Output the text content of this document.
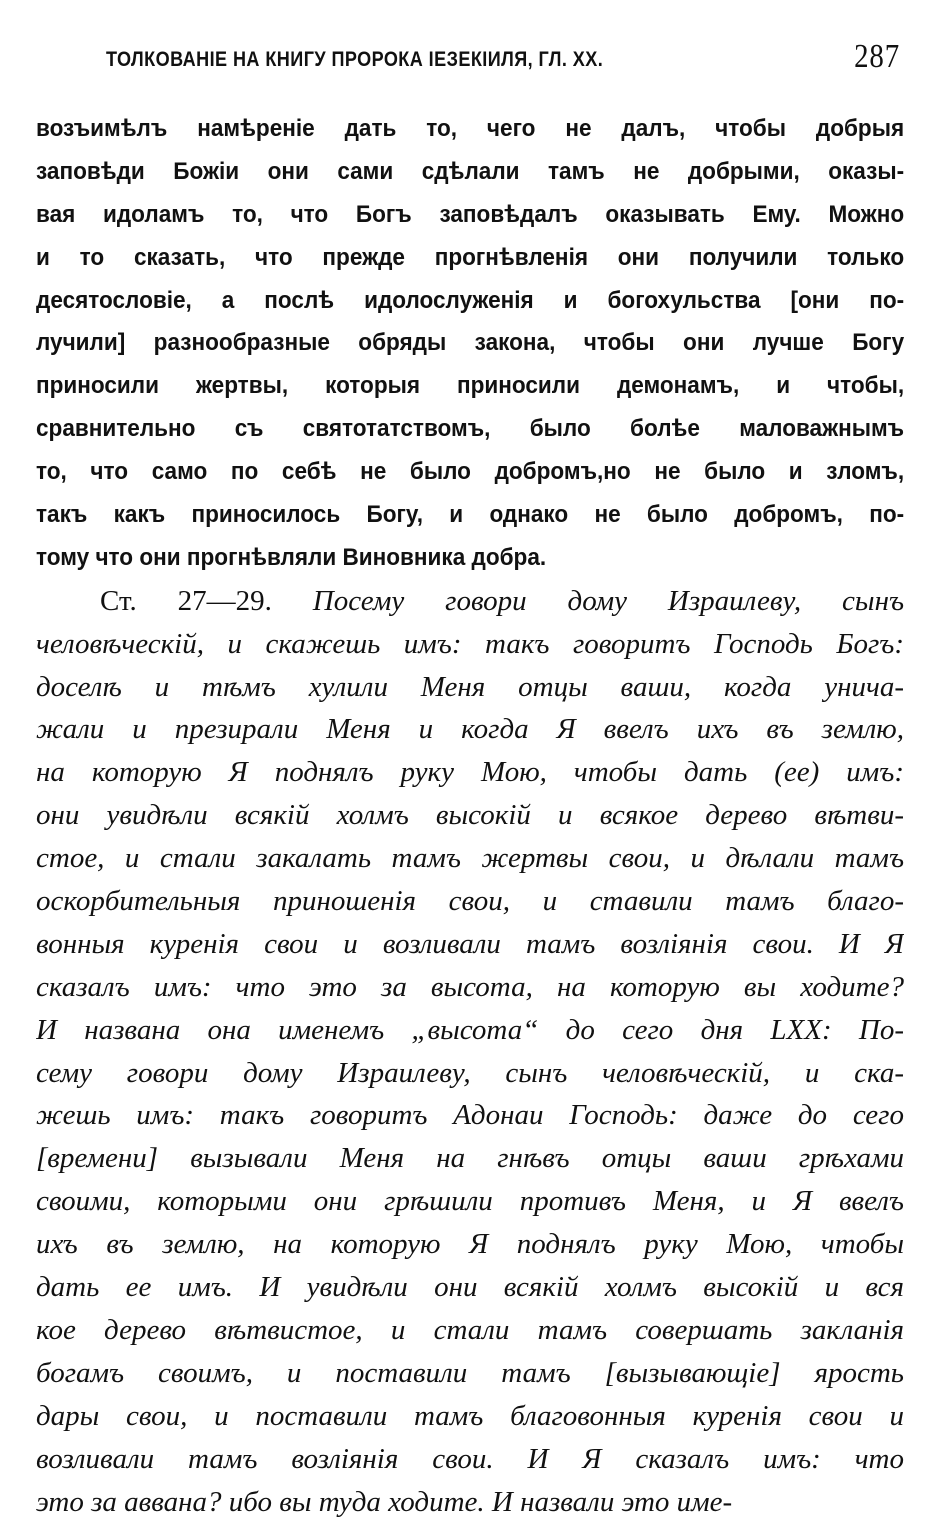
ТОЛКОВАНІЕ НА КНИГУ ПРОРОКА ІЕЗЕКІИЛЯ, ГЛ. XX.	287
возъимѣлъ намѣреніе дать то, чего не далъ, чтобы добрыя
заповѣди Божіи они сами сдѣлали тамъ не добрыми, оказы-
вая идоламъ то, что Богъ заповѣдалъ оказывать Ему. Можно
и то сказать, что прежде прогнѣвленія они получили только
десятословіе, а послѣ идолослуженія и богохульства [они по-
лучили] разнообразные обряды закона, чтобы они лучше Богу
приносили жертвы, которыя приносили демонамъ, и чтобы,
сравнительно съ святотатствомъ, было болѣе маловажнымъ
то, что само по себѣ не было добромъ,но не было и зломъ,
такъ какъ приносилось Богу, и однако не было добромъ, по-
тому что они прогнѣвляли Виновника добра.
Ст. 27—29. Посему говори дому Израилеву, сынъ
человѣческій, и скажешь имъ: такъ говоритъ Господь Богъ:
доселѣ и тѣмъ хулили Меня отцы ваши, когда унича-
жали и презирали Меня и когда Я ввелъ ихъ въ землю,
на которую Я поднялъ руку Мою, чтобы дать (ее) имъ:
они увидѣли всякій холмъ высокій и всякое дерево вѣтви-
стое, и стали закалать тамъ жертвы свои, и дѣлали тамъ
оскорбительныя приношенія свои, и ставили тамъ благо-
вонныя куренія свои и возливали тамъ возліянія свои. И Я
сказалъ имъ: что это за высота, на которую вы ходите?
И названа она именемъ „высота“ до сего дня LXX: По-
сему говори дому Израилеву, сынъ человѣческій, и ска-
жешь имъ: такъ говоритъ Адонаи Господь: даже до сего
[времени] вызывали Меня на гнѣвъ отцы ваши грѣхами
своими, которыми они грѣшили противъ Меня, и Я ввелъ
ихъ въ землю, на которую Я поднялъ руку Мою, чтобы
дать ее имъ. И увидѣли они всякій холмъ высокій и вся
кое дерево вѣтвистое, и стали тамъ совершать закланія
богамъ своимъ, и поставили тамъ [вызывающіе] ярость
дары свои, и поставили тамъ благовонныя куренія свои и
возливали тамъ возліянія свои. И Я сказалъ имъ: что
это за аввана? ибо вы туда ходите. И назвали это име-
